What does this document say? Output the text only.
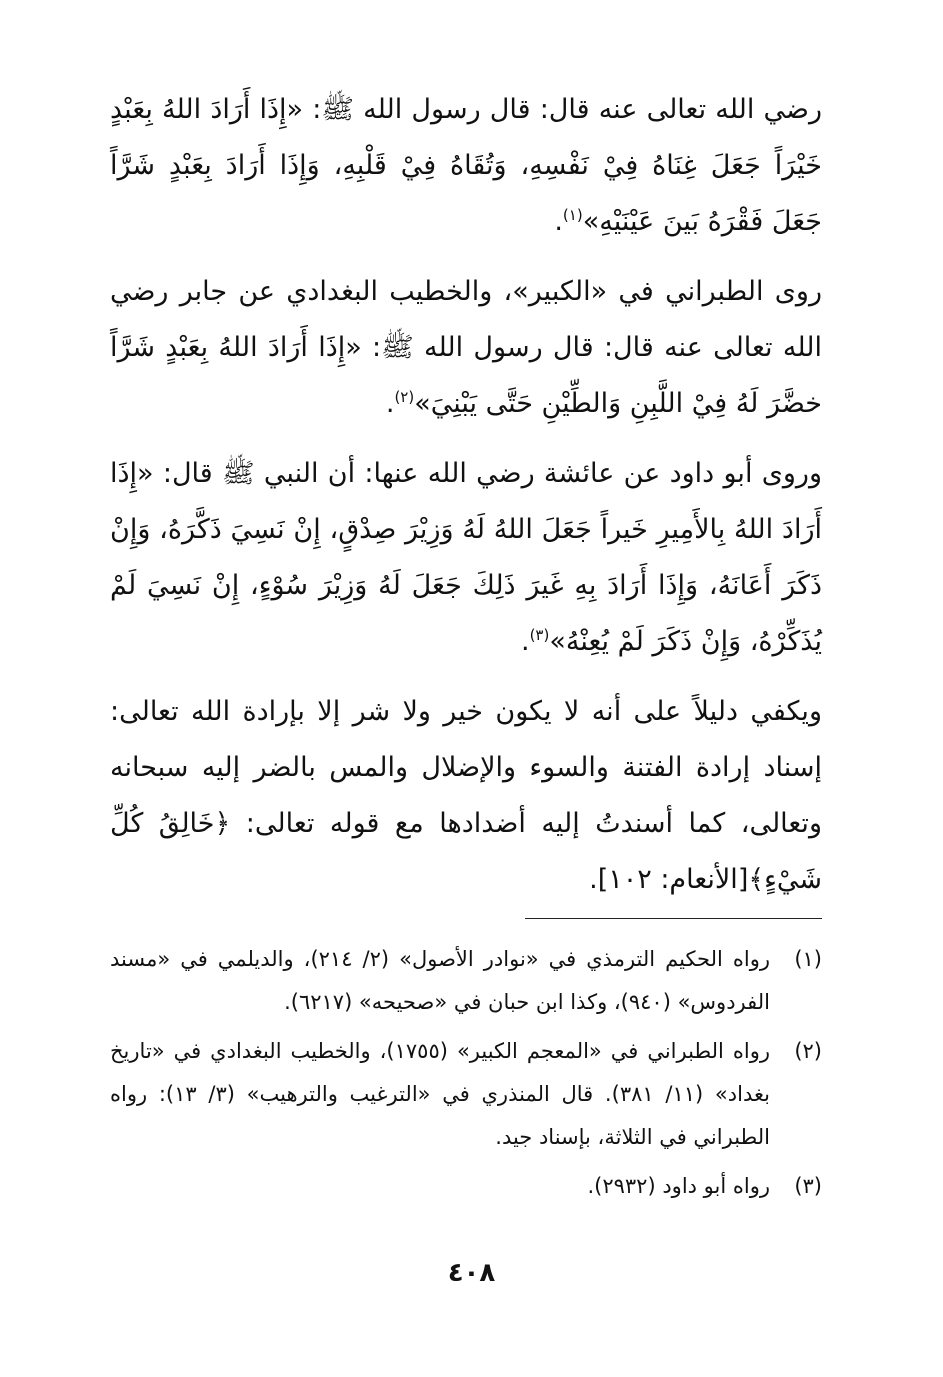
رضي الله تعالى عنه قال: قال رسول الله ﷺ: «إِذَا أَرَادَ اللهُ بِعَبْدٍ خَيْرَاً جَعَلَ غِنَاهُ فِيْ نَفْسِهِ، وَتُقَاهُ فِيْ قَلْبِهِ، وَإِذَا أَرَادَ بِعَبْدٍ شَرَّاً جَعَلَ فَقْرَهُ بَينَ عَيْنَيْهِ»$^{(١)}$.

روى الطبراني في «الكبير»، والخطيب البغدادي عن جابر رضي الله تعالى عنه قال: قال رسول الله ﷺ: «إِذَا أَرَادَ اللهُ بِعَبْدٍ شَرَّاً خضَّرَ لَهُ فِيْ اللَّبِنِ وَالطِّيْنِ حَتَّى يَبْنِيَ»$^{(٢)}$.

وروى أبو داود عن عائشة رضي الله عنها: أن النبي ﷺ قال: «إِذَا أَرَادَ اللهُ بِالأَمِيرِ خَيراً جَعَلَ اللهُ لَهُ وَزِيْرَ صِدْقٍ، إِنْ نَسِيَ ذَكَّرَهُ، وَإِنْ ذَكَرَ أَعَانَهُ، وَإِذَا أَرَادَ بِهِ غَيرَ ذَلِكَ جَعَلَ لَهُ وَزِيْرَ سُوْءٍ، إِنْ نَسِيَ لَمْ يُذَكِّرْهُ، وَإِنْ ذَكَرَ لَمْ يُعِنْهُ»$^{(٣)}$.

ويكفي دليلاً على أنه لا يكون خير ولا شر إلا بإرادة الله تعالى: إسناد إرادة الفتنة والسوء والإضلال والمس بالضر إليه سبحانه وتعالى، كما أسندتُ إليه أضدادها مع قوله تعالى: ﴿خَالِقُ كُلِّ شَيْءٍ﴾[الأنعام: ١٠٢].

(١)
رواه الحكيم الترمذي في «نوادر الأصول» (٢/ ٢١٤)، والديلمي في «مسند الفردوس» (٩٤٠)، وكذا ابن حبان في «صحيحه» (٦٢١٧).
(٢)
رواه الطبراني في «المعجم الكبير» (١٧٥٥)، والخطيب البغدادي في «تاريخ بغداد» (١١/ ٣٨١). قال المنذري في «الترغيب والترهيب» (٣/ ١٣): رواه الطبراني في الثلاثة، بإسناد جيد.
(٣)
رواه أبو داود (٢٩٣٢).
٤٠٨
